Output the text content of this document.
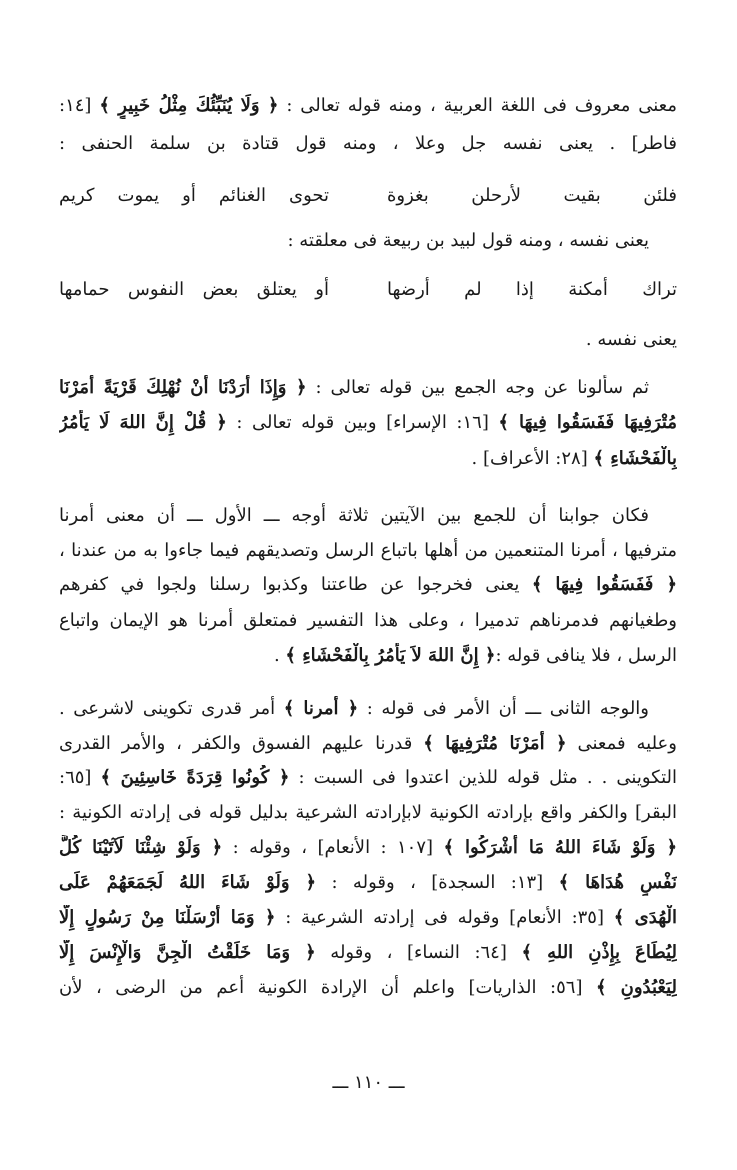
معنى معروف فى اللغة العربية ، ومنه قوله تعالى : ﴿ وَلَا يُنَبِّئُكَ مِثْلُ خَبِيرٍ ﴾ [١٤:
فاطر] . يعنى نفسه جل وعلا ، ومنه قول قتادة بن سلمة الحنفى :
فلئن بقيت لأرحلن بغزوة
تحوى الغنائم أو يموت كريم
يعنى نفسه ، ومنه قول لبيد بن ربيعة فى معلقته :
تراك أمكنة إذا لم أرضها
أو يعتلق بعض النفوس حمامها
يعنى نفسه .
ثم سألونا عن وجه الجمع بين قوله تعالى : ﴿ وَإِذَا أَرَدْنَا أَنْ نُهْلِكَ قَرْيَةً أَمَرْنَا
مُتْرَفِيهَا فَفَسَقُوا فِيهَا ﴾ [١٦: الإسراء] وبين قوله تعالى : ﴿ قُلْ إِنَّ اللهَ لَا يَأْمُرُ
بِالْفَحْشَاءِ ﴾ [٢٨: الأعراف] .
فكان جوابنا أن للجمع بين الآيتين ثلاثة أوجه ـــ الأول ـــ أن معنى أمرنا
مترفيها ، أمرنا المتنعمين من أهلها باتباع الرسل وتصديقهم فيما جاءوا به من عندنا ،
﴿ فَفَسَقُوا فِيهَا ﴾ يعنى فخرجوا عن طاعتنا وكذبوا رسلنا ولجوا في كفرهم
وطغيانهم فدمرناهم تدميرا ، وعلى هذا التفسير فمتعلق أمرنا هو الإيمان واتباع
الرسل ، فلا ينافى قوله :﴿ إِنَّ اللهَ لاَ يَأْمُرُ بِالْفَحْشَاءِ ﴾ .
والوجه الثانى ـــ أن الأمر فى قوله : ﴿ أمرنا ﴾ أمر قدرى تكوينى لاشرعى .
وعليه فمعنى ﴿ أَمَرْنَا مُتْرَفِيهَا ﴾ قدرنا عليهم الفسوق والكفر ، والأمر القدرى
التكوينى . . مثل قوله للذين اعتدوا فى السبت : ﴿ كُونُوا قِرَدَةً خَاسِئِينَ ﴾ [٦٥:
البقر] والكفر واقع بإرادته الكونية لابإرادته الشرعية بدليل قوله فى إرادته الكونية :
﴿ وَلَوْ شَاءَ اللهُ مَا أَشْرَكُوا ﴾ [١٠٧ : الأنعام] ، وقوله : ﴿ وَلَوْ شِئْنَا لَآتَيْنَا كُلَّ
نَفْسٍ هُدَاهَا ﴾ [١٣: السجدة] ، وقوله : ﴿ وَلَوْ شَاءَ اللهُ لَجَمَعَهُمْ عَلَى
الْهُدَى ﴾ [٣٥: الأنعام] وقوله فى إرادته الشرعية : ﴿ وَمَا أَرْسَلْنَا مِنْ رَسُولٍ إِلَّا
لِيُطَاعَ بِإِذْنِ اللهِ ﴾ [٦٤: النساء] ، وقوله ﴿ وَمَا خَلَقْتُ الْجِنَّ وَالْإِنْسَ إِلَّا
لِيَعْبُدُونِ ﴾ [٥٦: الذاريات] واعلم أن الإرادة الكونية أعم من الرضى ، لأن
ـــ ١١٠ ـــ
